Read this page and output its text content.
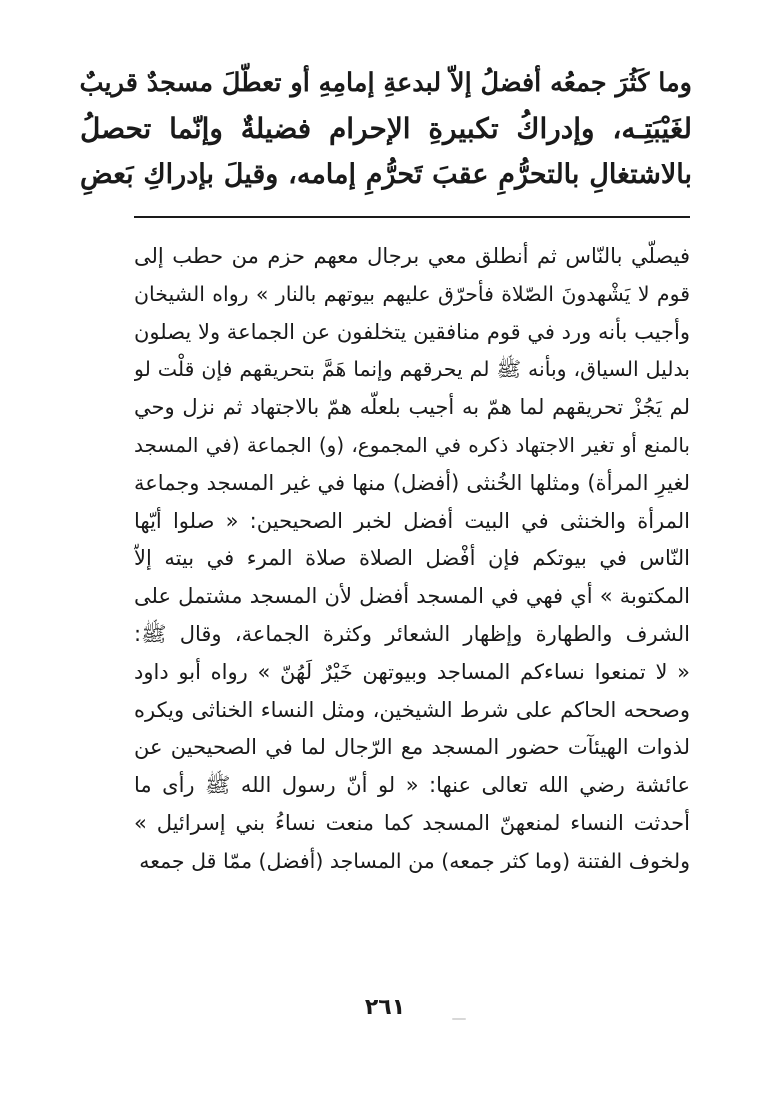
وما كَثُرَ جمعُه أفضلُ إلاّ لبدعةِ إمامِهِ أو تعطّلَ مسجدٌ قريبٌ
لغَيْبَتِـه، وإدراكُ تكبيرةِ الإحرام فضيلةٌ وإنّما تحصلُ
بالاشتغالِ بالتحرُّمِ عقبَ تَحرُّمِ إمامه، وقيلَ بإدراكِ بَعضِ
فيصلّي بالنّاس ثم أنطلق معي برجال معهم حزم من حطب إلى
قوم لا يَشْهدونَ الصّلاة فأحرّق عليهم بيوتهم بالنار » رواه الشيخان
وأجيب بأنه ورد في قوم منافقين يتخلفون عن الجماعة ولا يصلون
بدليل السياق، وبأنه ﷺ لم يحرقهم وإنما هَمَّ بتحريقهم فإن قلْت لو
لم يَجُزْ تحريقهم لما همّ به أجيب بلعلّه همّ بالاجتهاد ثم نزل وحي
بالمنع أو تغير الاجتهاد ذكره في المجموع، (و) الجماعة (في المسجد
لغيرِ المرأة) ومثلها الخُنثى (أفضل) منها في غير المسجد وجماعة
المرأة والخنثى في البيت أفضل لخبر الصحيحين: « صلوا أيّها
النّاس في بيوتكم فإن أفْضل الصلاة صلاة المرء في بيته إلاّ
المكتوبة » أي فهي في المسجد أفضل لأن المسجد مشتمل على
الشرف والطهارة وإظهار الشعائر وكثرة الجماعة، وقال ﷺ:
« لا تمنعوا نساءكم المساجد وبيوتهن خَيْرٌ لَهُنّ » رواه أبو داود
وصححه الحاكم على شرط الشيخين، ومثل النساء الخناثى ويكره
لذوات الهيئآت حضور المسجد مع الرّجال لما في الصحيحين عن
عائشة رضي الله تعالى عنها: « لو أنّ رسول الله ﷺ رأى ما
أحدثت النساء لمنعهنّ المسجد كما منعت نساءُ بني إسرائيل »
ولخوف الفتنة (وما كثر جمعه) من المساجد (أفضل) ممّا قل جمعه
٢٦١
